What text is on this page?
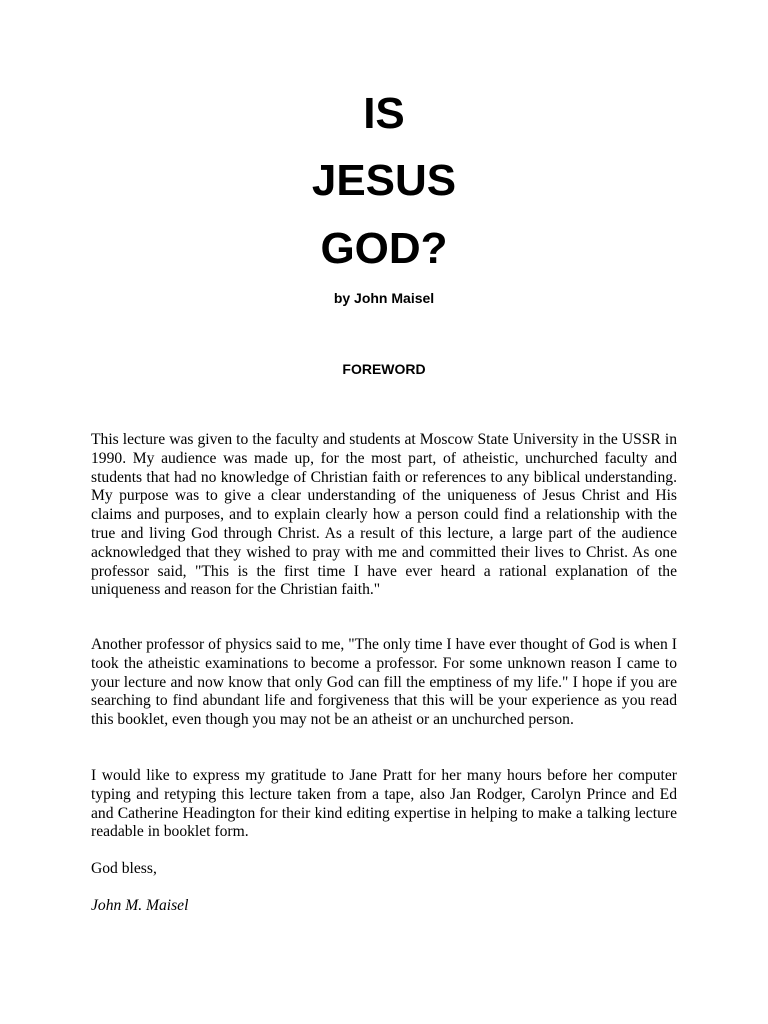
IS
JESUS
GOD?

by John Maisel

FOREWORD

This lecture was given to the faculty and students at Moscow State University in the USSR in 1990. My audience was made up, for the most part, of atheistic, unchurched faculty and students that had no knowledge of Christian faith or references to any biblical understanding. My purpose was to give a clear understanding of the uniqueness of Jesus Christ and His claims and purposes, and to explain clearly how a person could find a relationship with the true and living God through Christ. As a result of this lecture, a large part of the audience acknowledged that they wished to pray with me and committed their lives to Christ. As one professor said, "This is the first time I have ever heard a rational explanation of the uniqueness and reason for the Christian faith."

Another professor of physics said to me, "The only time I have ever thought of God is when I took the atheistic examinations to become a professor. For some unknown reason I came to your lecture and now know that only God can fill the emptiness of my life." I hope if you are searching to find abundant life and forgiveness that this will be your experience as you read this booklet, even though you may not be an atheist or an unchurched person.

I would like to express my gratitude to Jane Pratt for her many hours before her computer typing and retyping this lecture taken from a tape, also Jan Rodger, Carolyn Prince and Ed and Catherine Headington for their kind editing expertise in helping to make a talking lecture readable in booklet form.

God bless,

John M. Maisel
